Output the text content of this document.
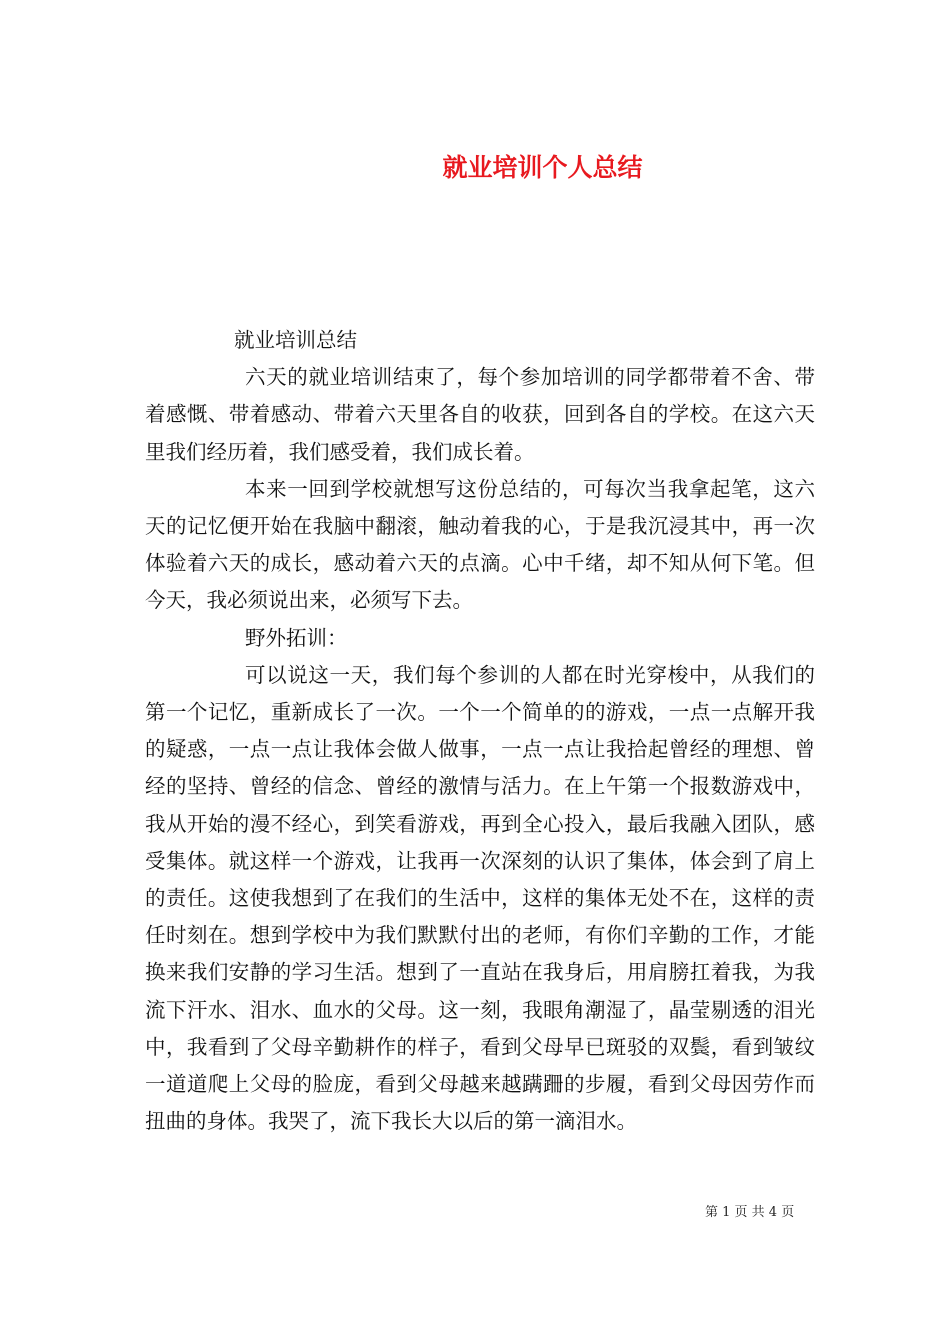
就业培训个人总结

就业培训总结

六天的就业培训结束了，每个参加培训的同学都带着不舍、带着感慨、带着感动、带着六天里各自的收获，回到各自的学校。在这六天里我们经历着，我们感受着，我们成长着。

本来一回到学校就想写这份总结的，可每次当我拿起笔，这六天的记忆便开始在我脑中翻滚，触动着我的心，于是我沉浸其中，再一次体验着六天的成长，感动着六天的点滴。心中千绪，却不知从何下笔。但今天，我必须说出来，必须写下去。

野外拓训：

可以说这一天，我们每个参训的人都在时光穿梭中，从我们的第一个记忆，重新成长了一次。一个一个简单的的游戏，一点一点解开我的疑惑，一点一点让我体会做人做事，一点一点让我拾起曾经的理想、曾经的坚持、曾经的信念、曾经的激情与活力。在上午第一个报数游戏中，我从开始的漫不经心，到笑看游戏，再到全心投入，最后我融入团队，感受集体。就这样一个游戏，让我再一次深刻的认识了集体，体会到了肩上的责任。这使我想到了在我们的生活中，这样的集体无处不在，这样的责任时刻在。想到学校中为我们默默付出的老师，有你们辛勤的工作，才能换来我们安静的学习生活。想到了一直站在我身后，用肩膀扛着我，为我流下汗水、泪水、血水的父母。这一刻，我眼角潮湿了，晶莹剔透的泪光中，我看到了父母辛勤耕作的样子，看到父母早已斑驳的双鬓，看到皱纹一道道爬上父母的脸庞，看到父母越来越蹒跚的步履，看到父母因劳作而扭曲的身体。我哭了，流下我长大以后的第一滴泪水。

第 1 页 共 4 页
